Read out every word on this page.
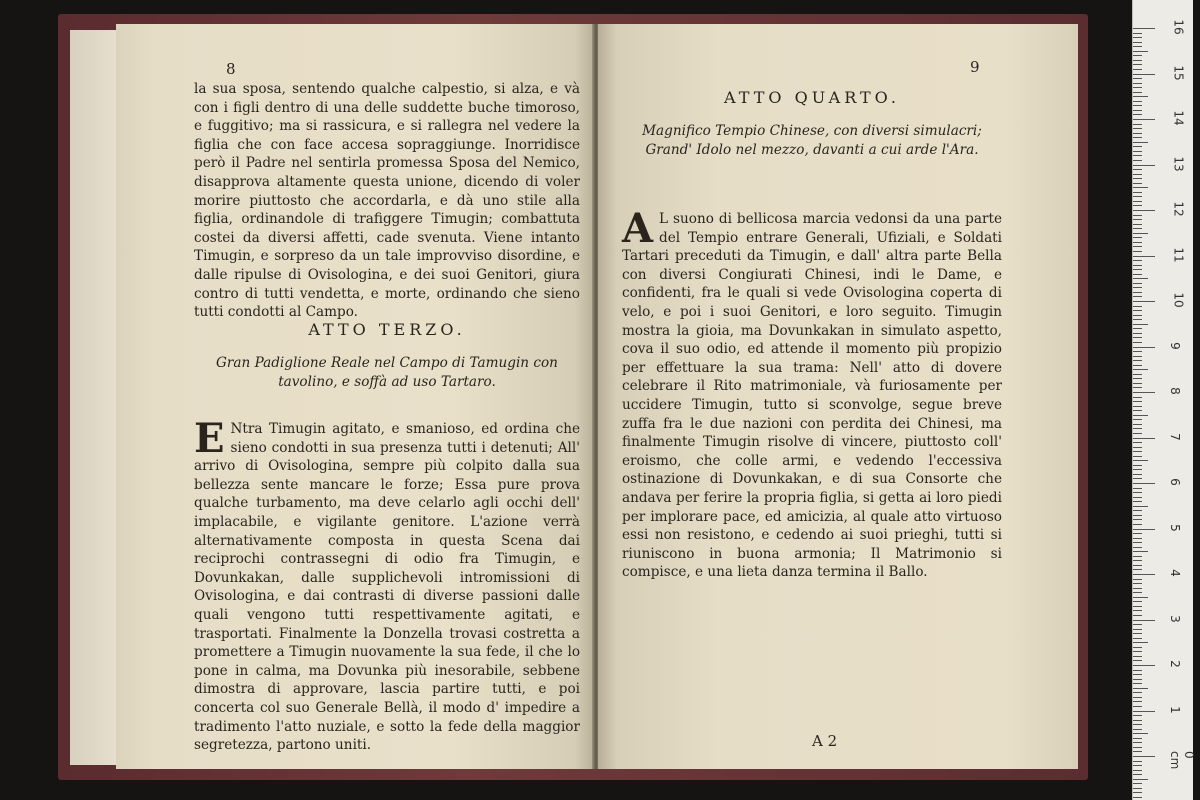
8
la sua sposa, sentendo qualche calpestio, si alza, e và con i figli dentro di una delle suddette buche timoroso, e fuggitivo; ma si rassicura, e si rallegra nel vedere la figlia che con face accesa sopraggiunge. Inorridisce però il Padre nel sentirla promessa Sposa del Nemico, disapprova altamente questa unione, dicendo di voler morire piuttosto che accordarla, e dà uno stile alla figlia, ordinandole di trafiggere Timugin; combattuta costei da diversi affetti, cade svenuta. Viene intanto Timugin, e sorpreso da un tale improvviso disordine, e dalle ripulse di Ovisologina, e dei suoi Genitori, giura contro di tutti vendetta, e morte, ordinando che sieno tutti condotti al Campo.
ATTO TERZO.
Gran Padiglione Reale nel Campo di Tamugin con tavolino, e soffà ad uso Tartaro.
E Ntra Timugin agitato, e smanioso, ed ordina che sieno condotti in sua presenza tutti i detenuti; All' arrivo di Ovisologina, sempre più colpito dalla sua bellezza sente mancare le forze; Essa pure prova qualche turbamento, ma deve celarlo agli occhi dell' implacabile, e vigilante genitore. L'azione verrà alternativamente composta in questa Scena dai reciprochi contrassegni di odio fra Timugin, e Dovunkakan, dalle supplichevoli intromissioni di Ovisologina, e dai contrasti di diverse passioni dalle quali vengono tutti respettivamente agitati, e trasportati. Finalmente la Donzella trovasi costretta a promettere a Timugin nuovamente la sua fede, il che lo pone in calma, ma Dovunka più inesorabile, sebbene dimostra di approvare, lascia partire tutti, e poi concerta col suo Generale Bellà, il modo d' impedire a tradimento l'atto nuziale, e sotto la fede della maggior segretezza, partono uniti.
9
ATTO QUARTO.
Magnifico Tempio Chinese, con diversi simulacri; Grand' Idolo nel mezzo, davanti a cui arde l'Ara.
A L suono di bellicosa marcia vedonsi da una parte del Tempio entrare Generali, Ufiziali, e Soldati Tartari preceduti da Timugin, e dall' altra parte Bella con diversi Congiurati Chinesi, indi le Dame, e confidenti, fra le quali si vede Ovisologina coperta di velo, e poi i suoi Genitori, e loro seguito. Timugin mostra la gioia, ma Dovunkakan in simulato aspetto, cova il suo odio, ed attende il momento più propizio per effettuare la sua trama: Nell' atto di dovere celebrare il Rito matrimoniale, và furiosamente per uccidere Timugin, tutto si sconvolge, segue breve zuffa fra le due nazioni con perdita dei Chinesi, ma finalmente Timugin risolve di vincere, piuttosto coll' eroismo, che colle armi, e vedendo l'eccessiva ostinazione di Dovunkakan, e di sua Consorte che andava per ferire la propria figlia, si getta ai loro piedi per implorare pace, ed amicizia, al quale atto virtuoso essi non resistono, e cedendo ai suoi prieghi, tutti si riuniscono in buona armonia; Il Matrimonio si compisce, e una lieta danza termina il Ballo.
A 2
16
15
14
13
12
11
10
9
8
7
6
5
4
3
2
1
0 cm
